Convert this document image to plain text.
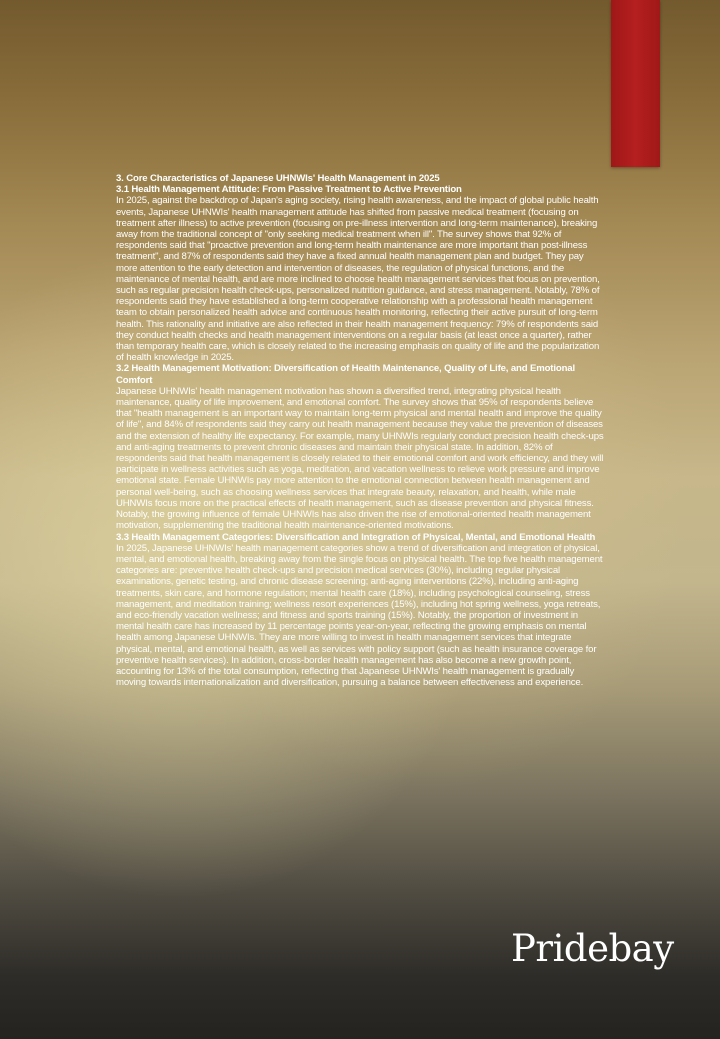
3. Core Characteristics of Japanese UHNWIs' Health Management in 2025
3.1 Health Management Attitude: From Passive Treatment to Active Prevention

In 2025, against the backdrop of Japan's aging society, rising health awareness, and the impact of global public health events, Japanese UHNWIs' health management attitude has shifted from passive medical treatment (focusing on treatment after illness) to active prevention (focusing on pre-illness intervention and long-term maintenance), breaking away from the traditional concept of "only seeking medical treatment when ill". The survey shows that 92% of respondents said that "proactive prevention and long-term health maintenance are more important than post-illness treatment", and 87% of respondents said they have a fixed annual health management plan and budget. They pay more attention to the early detection and intervention of diseases, the regulation of physical functions, and the maintenance of mental health, and are more inclined to choose health management services that focus on prevention, such as regular precision health check-ups, personalized nutrition guidance, and stress management. Notably, 78% of respondents said they have established a long-term cooperative relationship with a professional health management team to obtain personalized health advice and continuous health monitoring, reflecting their active pursuit of long-term health. This rationality and initiative are also reflected in their health management frequency: 79% of respondents said they conduct health checks and health management interventions on a regular basis (at least once a quarter), rather than temporary health care, which is closely related to the increasing emphasis on quality of life and the popularization of health knowledge in 2025.

3.2 Health Management Motivation: Diversification of Health Maintenance, Quality of Life, and Emotional Comfort

Japanese UHNWIs' health management motivation has shown a diversified trend, integrating physical health maintenance, quality of life improvement, and emotional comfort. The survey shows that 95% of respondents believe that "health management is an important way to maintain long-term physical and mental health and improve the quality of life", and 84% of respondents said they carry out health management because they value the prevention of diseases and the extension of healthy life expectancy. For example, many UHNWIs regularly conduct precision health check-ups and anti-aging treatments to prevent chronic diseases and maintain their physical state. In addition, 82% of respondents said that health management is closely related to their emotional comfort and work efficiency, and they will participate in wellness activities such as yoga, meditation, and vacation wellness to relieve work pressure and improve emotional state. Female UHNWIs pay more attention to the emotional connection between health management and personal well-being, such as choosing wellness services that integrate beauty, relaxation, and health, while male UHNWIs focus more on the practical effects of health management, such as disease prevention and physical fitness. Notably, the growing influence of female UHNWIs has also driven the rise of emotional-oriented health management motivation, supplementing the traditional health maintenance-oriented motivations.

3.3 Health Management Categories: Diversification and Integration of Physical, Mental, and Emotional Health

In 2025, Japanese UHNWIs' health management categories show a trend of diversification and integration of physical, mental, and emotional health, breaking away from the single focus on physical health. The top five health management categories are: preventive health check-ups and precision medical services (30%), including regular physical examinations, genetic testing, and chronic disease screening; anti-aging interventions (22%), including anti-aging treatments, skin care, and hormone regulation; mental health care (18%), including psychological counseling, stress management, and meditation training; wellness resort experiences (15%), including hot spring wellness, yoga retreats, and eco-friendly vacation wellness; and fitness and sports training (15%). Notably, the proportion of investment in mental health care has increased by 11 percentage points year-on-year, reflecting the growing emphasis on mental health among Japanese UHNWIs. They are more willing to invest in health management services that integrate physical, mental, and emotional health, as well as services with policy support (such as health insurance coverage for preventive health services). In addition, cross-border health management has also become a new growth point, accounting for 13% of the total consumption, reflecting that Japanese UHNWIs' health management is gradually moving towards internationalization and diversification, pursuing a balance between effectiveness and experience.

Pridebay
